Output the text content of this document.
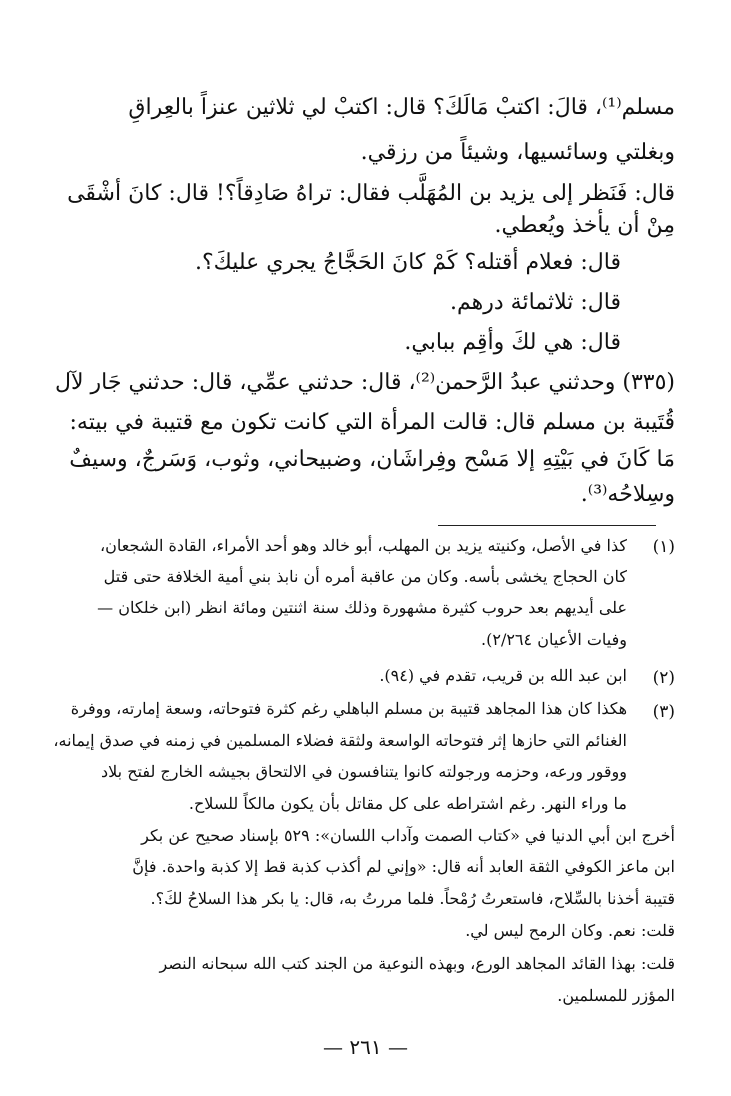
مسلم⁽¹⁾، قالَ: اكتبْ مَالَكَ؟ قال: اكتبْ لي ثلاثين عنزاً بالعِراقِ
وبغلتي وسائسيها، وشيئاً من رزقي.
قال: فَنَظر إلى يزيد بن المُهَلَّب فقال: تراهُ صَادِقاً؟! قال: كانَ أشْقَى
مِنْ أن يأخذ ويُعطي.
قال: فعلام أقتله؟ كَمْ كانَ الحَجَّاجُ يجري عليكَ؟.
قال: ثلاثمائة درهم.
قال: هي لكَ وأقِم ببابي.
(٣٣٥) وحدثني عبدُ الرَّحمن⁽²⁾، قال: حدثني عمِّي، قال: حدثني جَار لآل
قُتَيبة بن مسلم قال: قالت المرأة التي كانت تكون مع قتيبة في بيته:
مَا كَانَ في بَيْتِهِ إلا مَسْح وفِراشَان، وضبيحاني، وثوب، وَسَرجٌ، وسيفٌ
وسِلاحُه⁽³⁾.
(١)
كذا في الأصل، وكنيته يزيد بن المهلب، أبو خالد وهو أحد الأمراء، القادة الشجعان،
كان الحجاج يخشى بأسه. وكان من عاقبة أمره أن نابذ بني أمية الخلافة حتى قتل
على أيديهم بعد حروب كثيرة مشهورة وذلك سنة اثنتين ومائة انظر (ابن خلكان —
وفيات الأعيان ٢/٢٦٤).
(٢)
ابن عبد الله بن قريب، تقدم في (٩٤).
(٣)
هكذا كان هذا المجاهد قتيبة بن مسلم الباهلي رغم كثرة فتوحاته، وسعة إمارته، ووفرة
الغنائم التي حازها إثر فتوحاته الواسعة ولثقة فضلاء المسلمين في زمنه في صدق إيمانه،
ووقور ورعه، وحزمه ورجولته كانوا يتنافسون في الالتحاق بجيشه الخارج لفتح بلاد
ما وراء النهر. رغم اشتراطه على كل مقاتل بأن يكون مالكاً للسلاح.
أخرج ابن أبي الدنيا في «كتاب الصمت وآداب اللسان»: ٥٢٩ بإسناد صحيح عن بكر
ابن ماعز الكوفي الثقة العابد أنه قال: «وإني لم أكذب كذبة قط إلا كذبة واحدة. فإنَّ
قتيبة أخذنا بالسِّلاح، فاستعرتُ رُمْحاً. فلما مررتُ به، قال: يا بكر هذا السلاحُ لكَ؟.
قلت: نعم. وكان الرمح ليس لي.
قلت: بهذا القائد المجاهد الورع، وبهذه النوعية من الجند كتب الله سبحانه النصر
المؤزر للمسلمين.
— ٢٦١ —
